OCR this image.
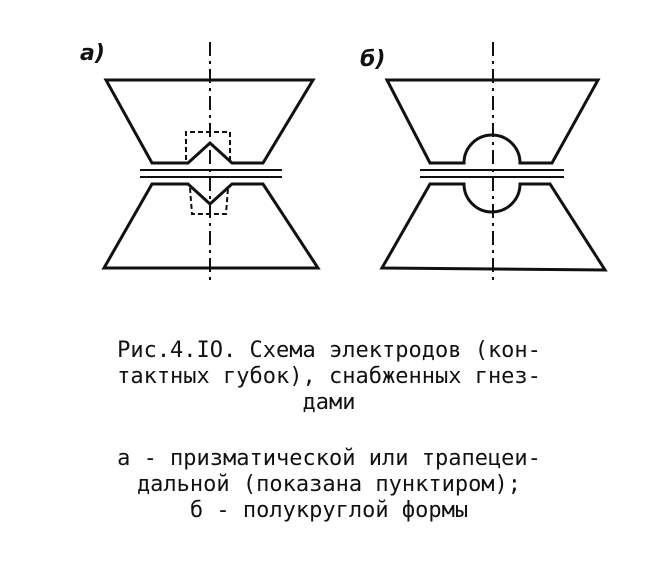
а)	б)
Рис.4.IO. Схема электродов (кон-
тактных губок), снабженных гнез-
дами
а - призматической или трапецеи-
дальной (показана пунктиром);
б - полукруглой формы
